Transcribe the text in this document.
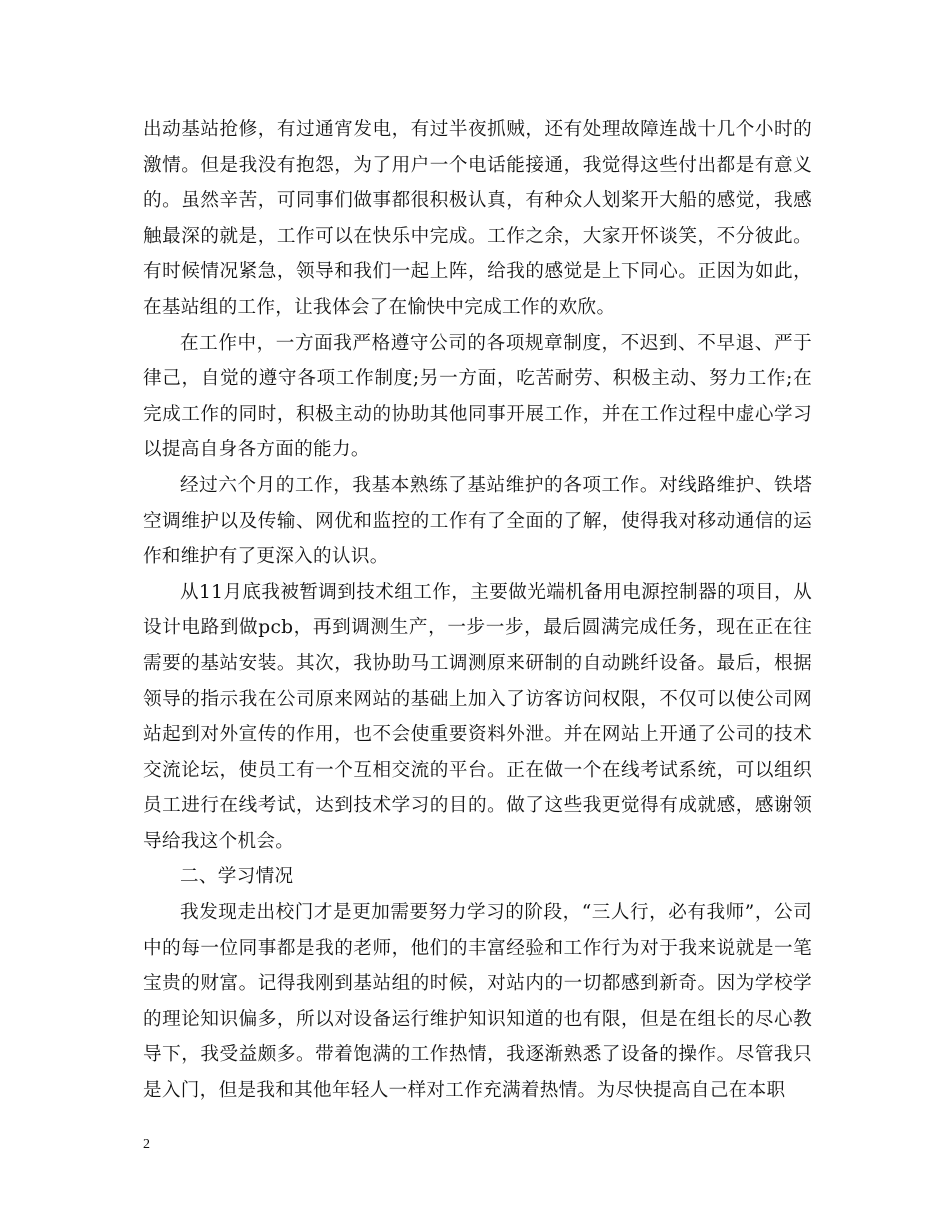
出动基站抢修，有过通宵发电，有过半夜抓贼，还有处理故障连战十几个小时的激情。但是我没有抱怨，为了用户一个电话能接通，我觉得这些付出都是有意义的。虽然辛苦，可同事们做事都很积极认真，有种众人划桨开大船的感觉，我感触最深的就是，工作可以在快乐中完成。工作之余，大家开怀谈笑，不分彼此。有时候情况紧急，领导和我们一起上阵，给我的感觉是上下同心。正因为如此，在基站组的工作，让我体会了在愉快中完成工作的欢欣。

在工作中，一方面我严格遵守公司的各项规章制度，不迟到、不早退、严于律己，自觉的遵守各项工作制度;另一方面，吃苦耐劳、积极主动、努力工作;在完成工作的同时，积极主动的协助其他同事开展工作，并在工作过程中虚心学习以提高自身各方面的能力。

经过六个月的工作，我基本熟练了基站维护的各项工作。对线路维护、铁塔空调维护以及传输、网优和监控的工作有了全面的了解，使得我对移动通信的运作和维护有了更深入的认识。

从11月底我被暂调到技术组工作，主要做光端机备用电源控制器的项目，从设计电路到做pcb，再到调测生产，一步一步，最后圆满完成任务，现在正在往需要的基站安装。其次，我协助马工调测原来研制的自动跳纤设备。最后，根据领导的指示我在公司原来网站的基础上加入了访客访问权限，不仅可以使公司网站起到对外宣传的作用，也不会使重要资料外泄。并在网站上开通了公司的技术交流论坛，使员工有一个互相交流的平台。正在做一个在线考试系统，可以组织员工进行在线考试，达到技术学习的目的。做了这些我更觉得有成就感，感谢领导给我这个机会。

二、学习情况

我发现走出校门才是更加需要努力学习的阶段，“三人行，必有我师”，公司中的每一位同事都是我的老师，他们的丰富经验和工作行为对于我来说就是一笔宝贵的财富。记得我刚到基站组的时候，对站内的一切都感到新奇。因为学校学的理论知识偏多，所以对设备运行维护知识知道的也有限，但是在组长的尽心教导下，我受益颇多。带着饱满的工作热情，我逐渐熟悉了设备的操作。尽管我只是入门，但是我和其他年轻人一样对工作充满着热情。为尽快提高自己在本职

2
